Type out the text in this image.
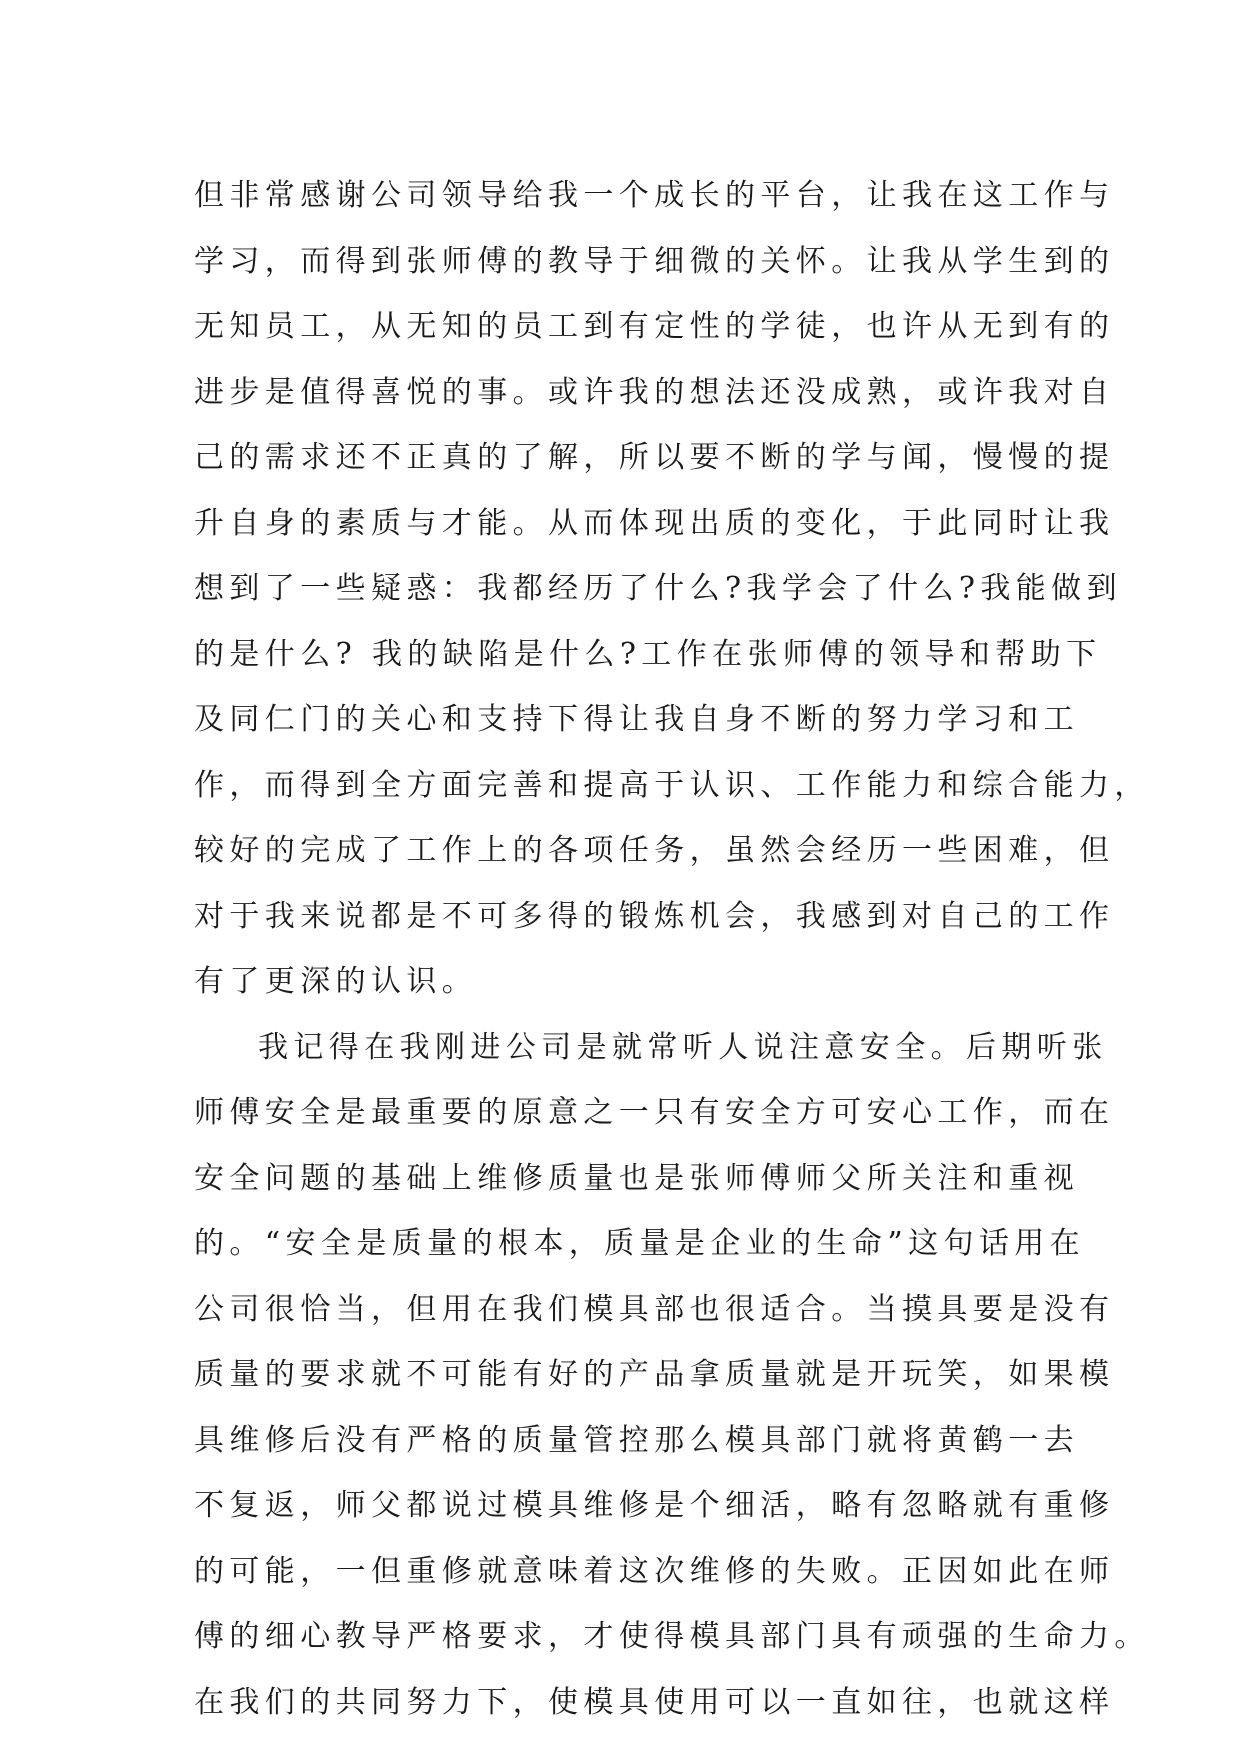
但非常感谢公司领导给我一个成长的平台，让我在这工作与
学习，而得到张师傅的教导于细微的关怀。让我从学生到的
无知员工，从无知的员工到有定性的学徒，也许从无到有的
进步是值得喜悦的事。或许我的想法还没成熟，或许我对自
己的需求还不正真的了解，所以要不断的学与闻，慢慢的提
升自身的素质与才能。从而体现出质的变化，于此同时让我
想到了一些疑惑：我都经历了什么?我学会了什么?我能做到
的是什么? 我的缺陷是什么?工作在张师傅的领导和帮助下
及同仁门的关心和支持下得让我自身不断的努力学习和工
作，而得到全方面完善和提高于认识、工作能力和综合能力，
较好的完成了工作上的各项任务，虽然会经历一些困难，但
对于我来说都是不可多得的锻炼机会，我感到对自己的工作
有了更深的认识。
我记得在我刚进公司是就常听人说注意安全。后期听张
师傅安全是最重要的原意之一只有安全方可安心工作，而在
安全问题的基础上维修质量也是张师傅师父所关注和重视
的。“安全是质量的根本，质量是企业的生命”这句话用在
公司很恰当，但用在我们模具部也很适合。当摸具要是没有
质量的要求就不可能有好的产品拿质量就是开玩笑，如果模
具维修后没有严格的质量管控那么模具部门就将黄鹤一去
不复返，师父都说过模具维修是个细活，略有忽略就有重修
的可能，一但重修就意味着这次维修的失败。正因如此在师
傅的细心教导严格要求，才使得模具部门具有顽强的生命力。
在我们的共同努力下，使模具使用可以一直如往，也就这样
